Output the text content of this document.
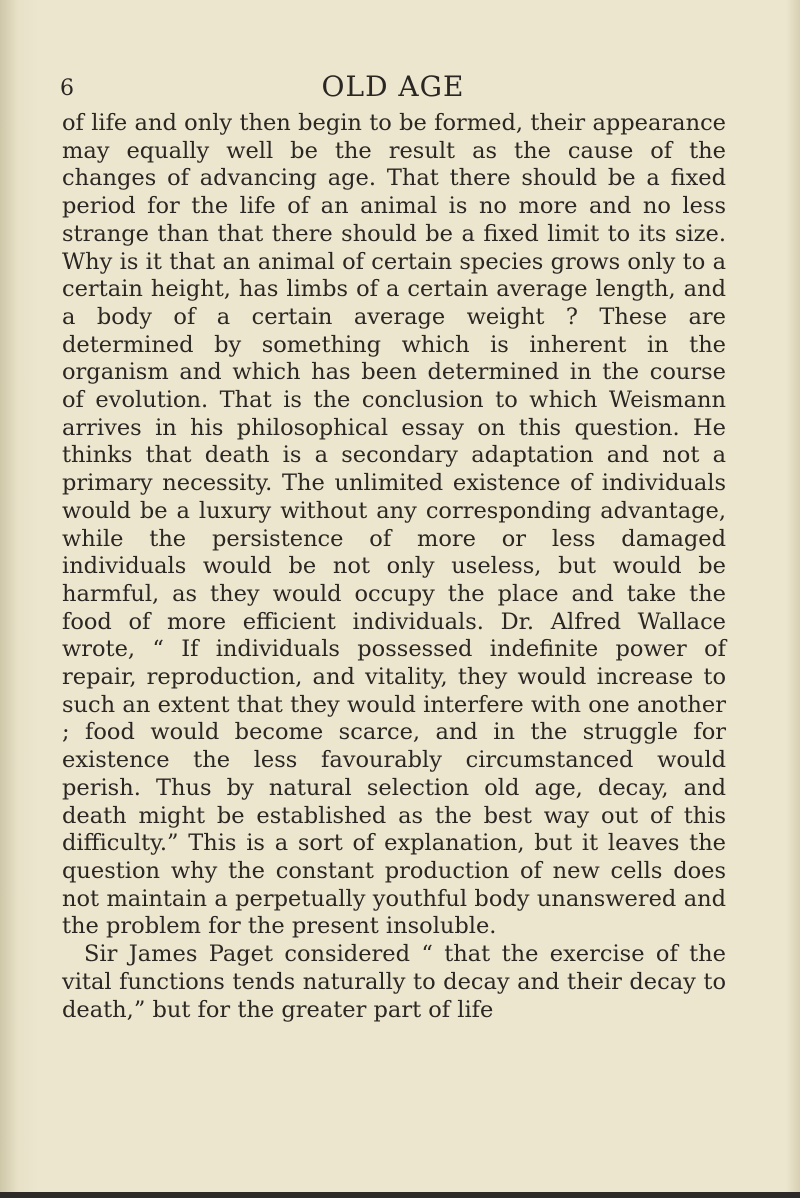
6	OLD AGE

of life and only then begin to be formed, their appearance may equally well be the result as the cause of the changes of advancing age. That there should be a fixed period for the life of an animal is no more and no less strange than that there should be a fixed limit to its size. Why is it that an animal of certain species grows only to a certain height, has limbs of a certain average length, and a body of a certain average weight ? These are determined by something which is inherent in the organism and which has been determined in the course of evolution. That is the conclusion to which Weismann arrives in his philosophical essay on this question. He thinks that death is a secondary adaptation and not a primary necessity. The unlimited existence of individuals would be a luxury without any corresponding advantage, while the persistence of more or less damaged individuals would be not only useless, but would be harmful, as they would occupy the place and take the food of more efficient individuals. Dr. Alfred Wallace wrote, “ If individuals possessed indefinite power of repair, reproduction, and vitality, they would increase to such an extent that they would interfere with one another ; food would become scarce, and in the struggle for existence the less favourably circumstanced would perish. Thus by natural selection old age, decay, and death might be established as the best way out of this difficulty.” This is a sort of explanation, but it leaves the question why the constant production of new cells does not maintain a perpetually youthful body unanswered and the problem for the present insoluble.

Sir James Paget considered “ that the exercise of the vital functions tends naturally to decay and their decay to death,” but for the greater part of life
